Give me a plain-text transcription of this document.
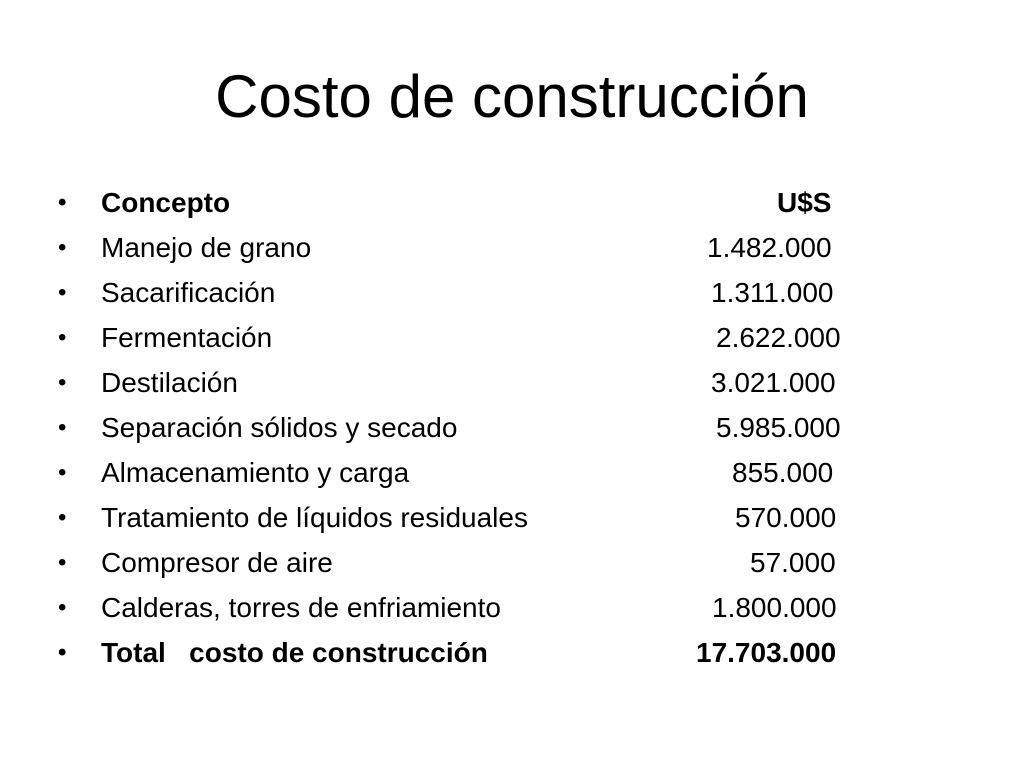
Costo de construcción
• Concepto	U$S
• Manejo de grano	1.482.000
• Sacarificación	1.311.000
• Fermentación	2.622.000
• Destilación	3.021.000
• Separación sólidos y secado	5.985.000
• Almacenamiento y carga	855.000
• Tratamiento de líquidos residuales	570.000
• Compresor de aire	57.000
• Calderas, torres de enfriamiento	1.800.000
• Total   costo de construcción	17.703.000
